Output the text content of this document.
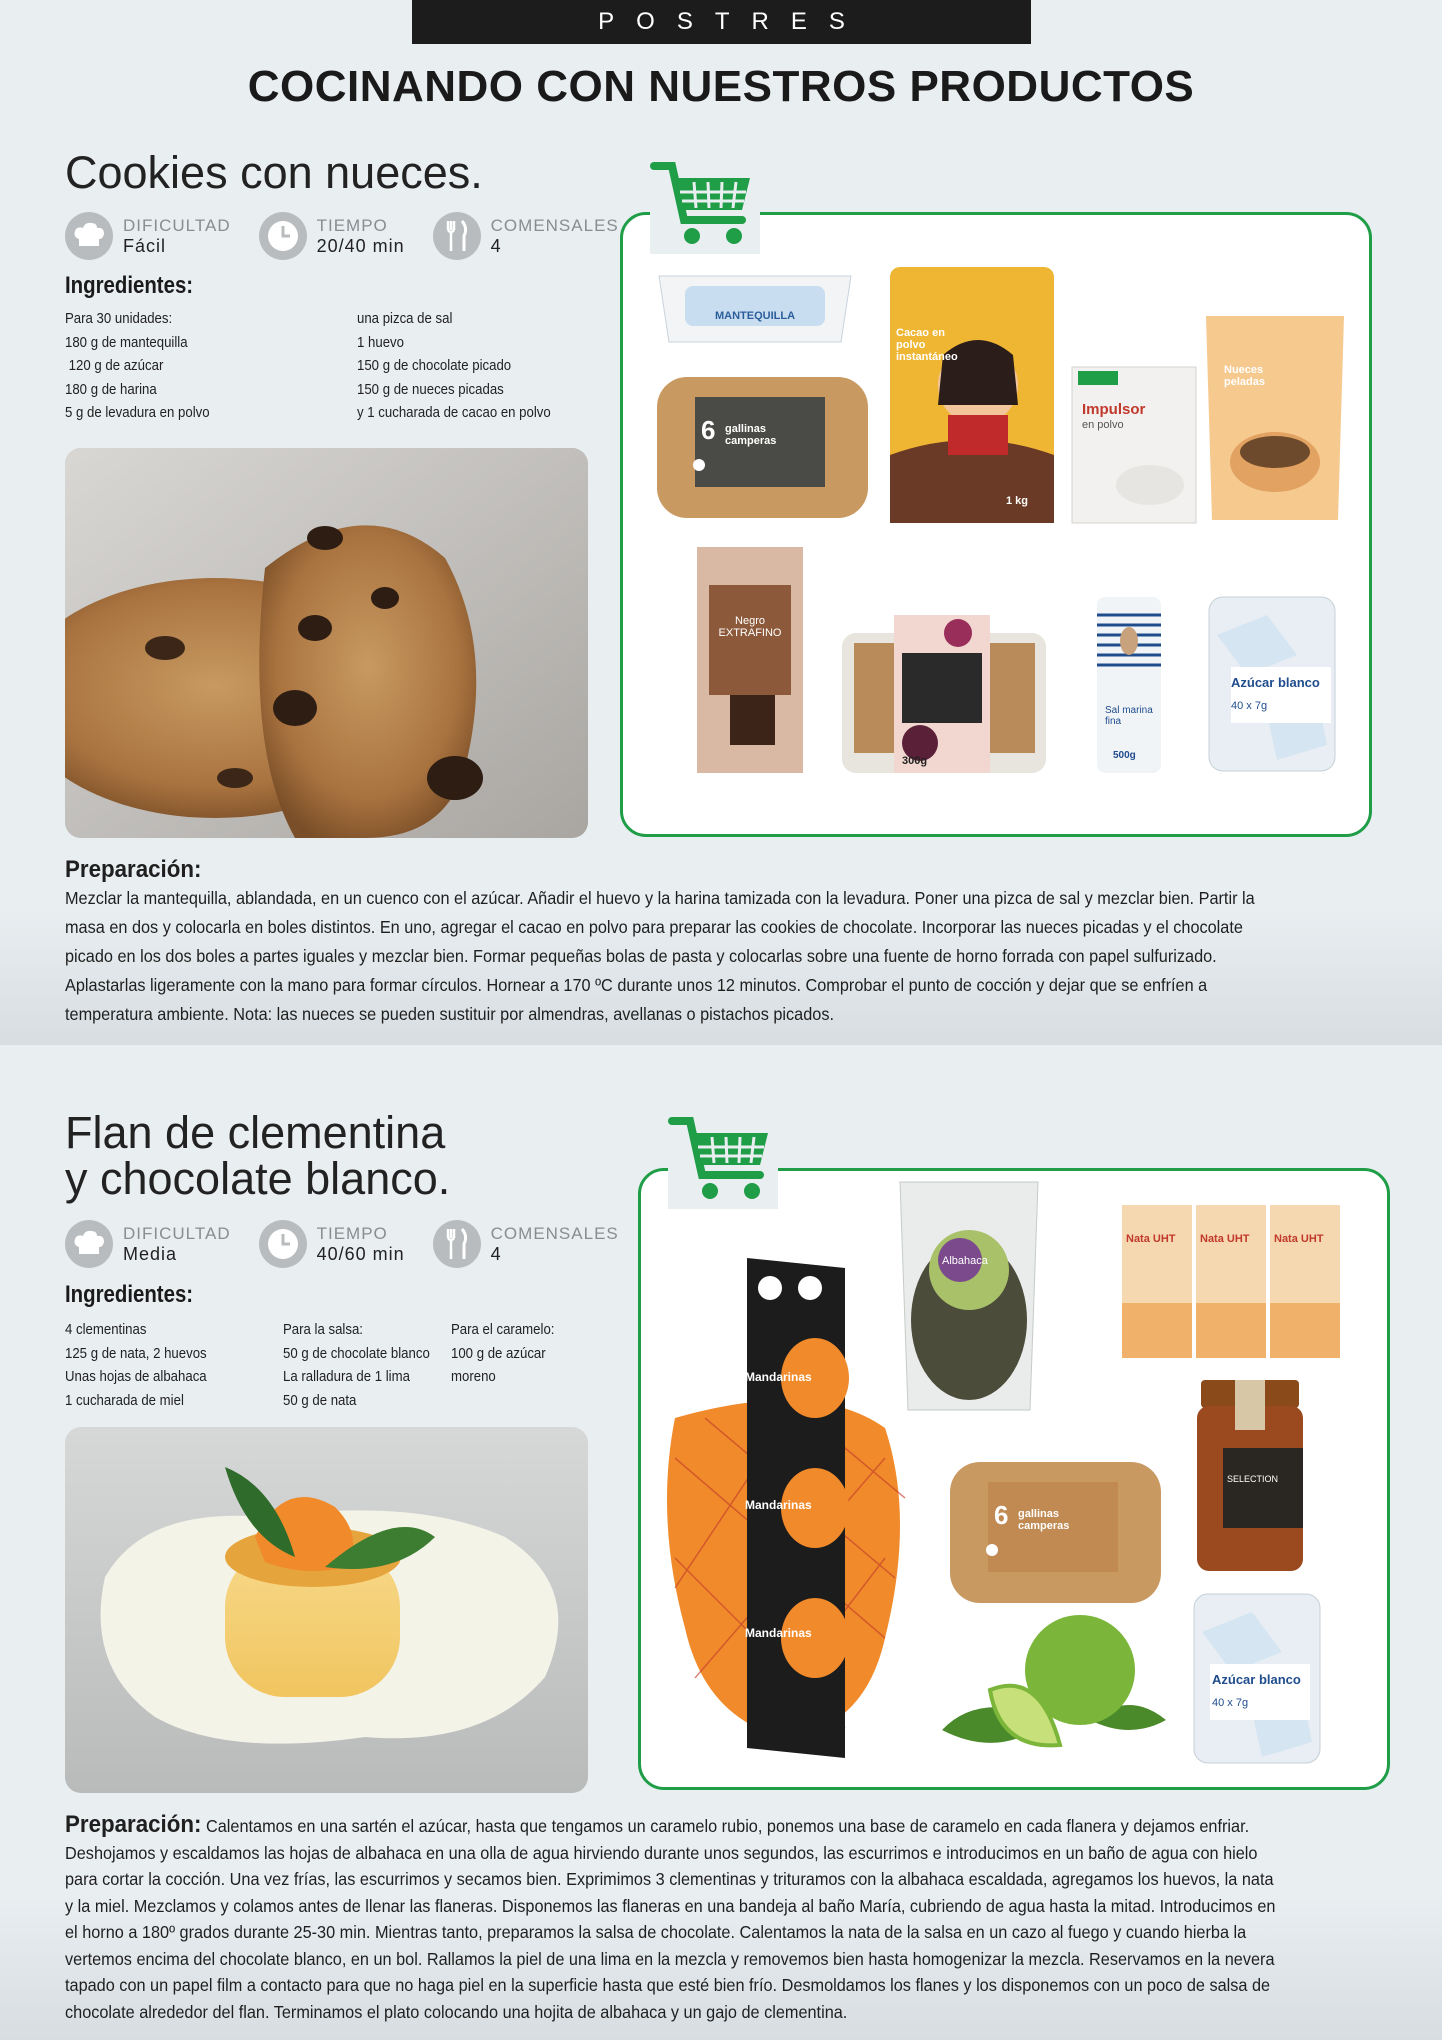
POSTRES
COCINANDO CON NUESTROS PRODUCTOS
Cookies con nueces.
DIFICULTAD
Fácil
TIEMPO
20/40 min
COMENSALES
4
Ingredientes:
Para 30 unidades:
180 g de mantequilla
120 g de azúcar
180 g de harina
5 g de levadura en polvo
una pizca de sal
1 huevo
150 g de chocolate picado
150 g de nueces picadas
y 1 cucharada de cacao en polvo
MANTEQUILLA
6 gallinas camperas
Cacao en polvo instantáneo
1 kg
Impulsor
en polvo
Nueces peladas
Negro EXTRAFINO
300g
Sal marina fina
500g
Azúcar blanco
40 x 7g
Preparación:
Mezclar la mantequilla, ablandada, en un cuenco con el azúcar. Añadir el huevo y la harina tamizada con la levadura. Poner una pizca de sal y mezclar bien. Partir la masa en dos y colocarla en boles distintos. En uno, agregar el cacao en polvo para preparar las cookies de chocolate. Incorporar las nueces picadas y el chocolate picado en los dos boles a partes iguales y mezclar bien. Formar pequeñas bolas de pasta y colocarlas sobre una fuente de horno forrada con papel sulfurizado. Aplastarlas ligeramente con la mano para formar círculos. Hornear a 170 ºC durante unos 12 minutos. Comprobar el punto de cocción y dejar que se enfríen a temperatura ambiente. Nota: las nueces se pueden sustituir por almendras, avellanas o pistachos picados.
Flan de clementina
y chocolate blanco.
DIFICULTAD
Media
TIEMPO
40/60 min
COMENSALES
4
Ingredientes:
4 clementinas
125 g de nata, 2 huevos
Unas hojas de albahaca
1 cucharada de miel
Para la salsa:
50 g de chocolate blanco
La ralladura de 1 lima
50 g de nata
Para el caramelo:
100 g de azúcar moreno	Mandarinas
Mandarinas
Mandarinas
Albahaca
Nata UHT Nata UHT Nata UHT
6 gallinas camperas
SELECTION
Azúcar blanco
40 x 7g
Preparación: Calentamos en una sartén el azúcar, hasta que tengamos un caramelo rubio, ponemos una base de caramelo en cada flanera y dejamos enfriar. Deshojamos y escaldamos las hojas de albahaca en una olla de agua hirviendo durante unos segundos, las escurrimos e introducimos en un baño de agua con hielo para cortar la cocción. Una vez frías, las escurrimos y secamos bien. Exprimimos 3 clementinas y trituramos con la albahaca escaldada, agregamos los huevos, la nata y la miel. Mezclamos y colamos antes de llenar las flaneras. Disponemos las flaneras en una bandeja al baño María, cubriendo de agua hasta la mitad. Introducimos en el horno a 180º grados durante 25-30 min. Mientras tanto, preparamos la salsa de chocolate. Calentamos la nata de la salsa en un cazo al fuego y cuando hierba la vertemos encima del chocolate blanco, en un bol. Rallamos la piel de una lima en la mezcla y removemos bien hasta homogenizar la mezcla. Reservamos en la nevera tapado con un papel film a contacto para que no haga piel en la superficie hasta que esté bien frío. Desmoldamos los flanes y los disponemos con un poco de salsa de chocolate alrededor del flan. Terminamos el plato colocando una hojita de albahaca y un gajo de clementina.
